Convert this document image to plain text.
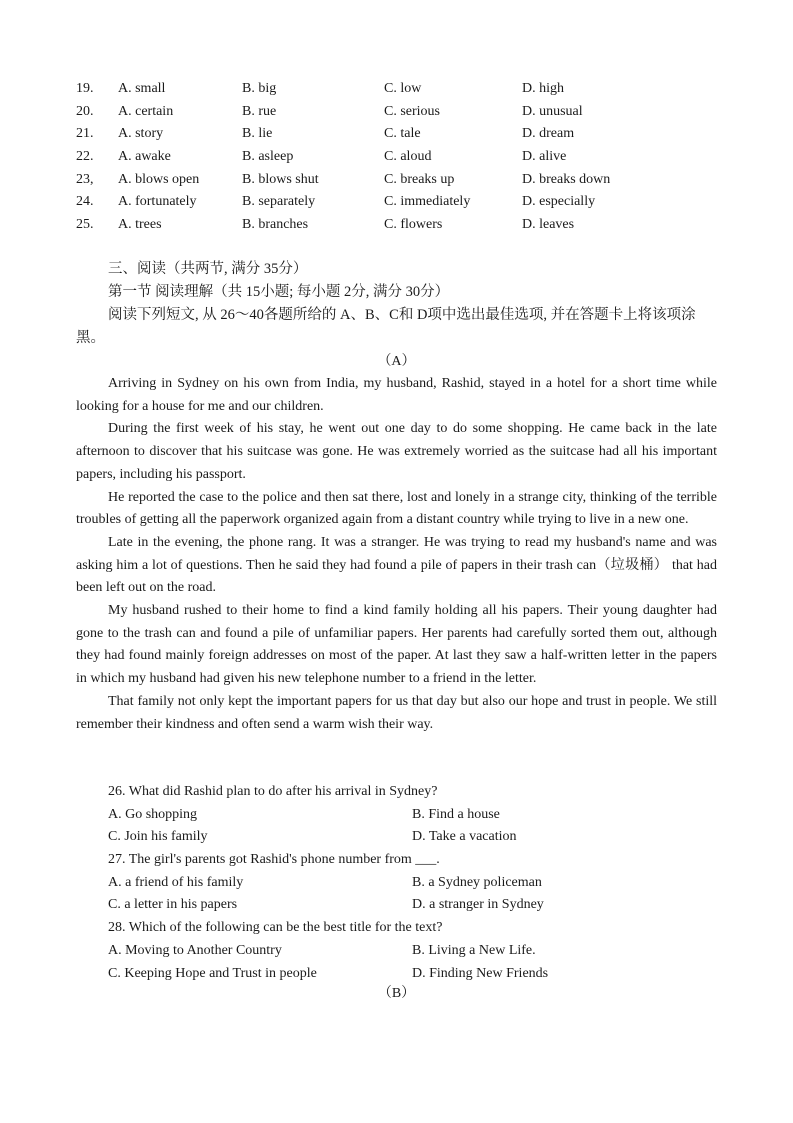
19. A. small	B. big	C. low	D. high
20. A. certain	B. rue	C. serious	D. unusual
21. A. story	B. lie	C. tale	D. dream
22. A. awake	B. asleep	C. aloud	D. alive
23, A. blows open	B. blows shut	C. breaks up	D. breaks down
24. A. fortunately	B. separately	C. immediately	D. especially
25. A. trees	B. branches	C. flowers	D. leaves
三、阅读（共两节, 满分 35分）
第一节 阅读理解（共 15小题; 每小题 2分, 满分 30分）
阅读下列短文, 从 26～40各题所给的 A、B、C和 D项中选出最佳选项, 并在答题卡上将该项涂黑。
（A）

Arriving in Sydney on his own from India, my husband, Rashid, stayed in a hotel for a short time while looking for a house for me and our children.

During the first week of his stay, he went out one day to do some shopping. He came back in the late afternoon to discover that his suitcase was gone. He was extremely worried as the suitcase had all his important papers, including his passport.

He reported the case to the police and then sat there, lost and lonely in a strange city, thinking of the terrible troubles of getting all the paperwork organized again from a distant country while trying to live in a new one.

Late in the evening, the phone rang. It was a stranger. He was trying to read my husband's name and was asking him a lot of questions. Then he said they had found a pile of papers in their trash can（垃圾桶） that had been left out on the road.

My husband rushed to their home to find a kind family holding all his papers. Their young daughter had gone to the trash can and found a pile of unfamiliar papers. Her parents had carefully sorted them out, although they had found mainly foreign addresses on most of the paper. At last they saw a half-written letter in the papers in which my husband had given his new telephone number to a friend in the letter.

That family not only kept the important papers for us that day but also our hope and trust in people. We still remember their kindness and often send a warm wish their way.

26. What did Rashid plan to do after his arrival in Sydney?
A. Go shopping	B. Find a house
C. Join his family	D. Take a vacation
27. The girl's parents got Rashid's phone number from ___.
A. a friend of his family	B. a Sydney policeman
C. a letter in his papers	D. a stranger in Sydney
28. Which of the following can be the best title for the text?
A. Moving to Another Country	B. Living a New Life.
C. Keeping Hope and Trust in people	D. Finding New Friends
（B）
